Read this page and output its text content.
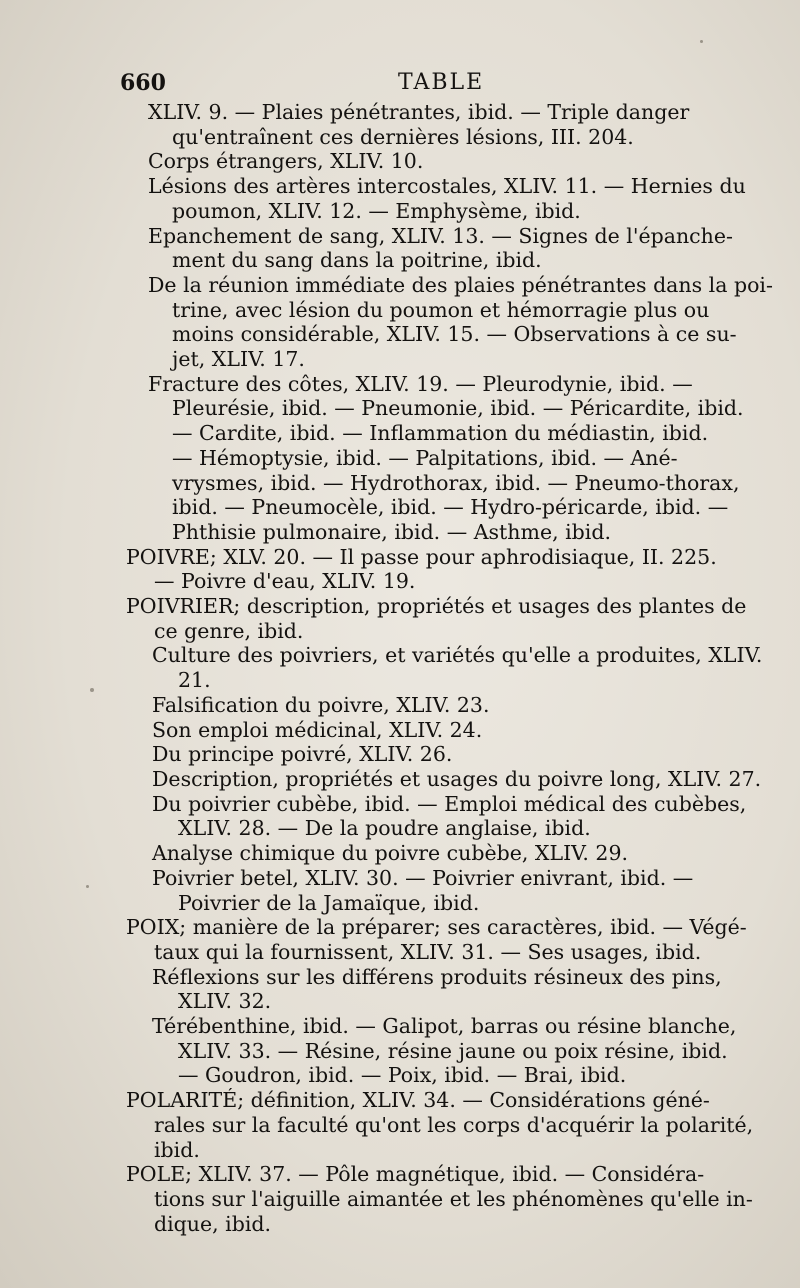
660	TABLE
XLIV. 9. — Plaies pénétrantes, ibid. — Triple danger
qu'entraînent ces dernières lésions, III. 204.
Corps étrangers, XLIV. 10.
Lésions des artères intercostales, XLIV. 11. — Hernies du
poumon, XLIV. 12. — Emphysème, ibid.
Epanchement de sang, XLIV. 13. — Signes de l'épanche-
ment du sang dans la poitrine, ibid.
De la réunion immédiate des plaies pénétrantes dans la poi-
trine, avec lésion du poumon et hémorragie plus ou
moins considérable, XLIV. 15. — Observations à ce su-
jet, XLIV. 17.
Fracture des côtes, XLIV. 19. — Pleurodynie, ibid. —
Pleurésie, ibid. — Pneumonie, ibid. — Péricardite, ibid.
— Cardite, ibid. — Inflammation du médiastin, ibid.
— Hémoptysie, ibid. — Palpitations, ibid. — Ané-
vrysmes, ibid. — Hydrothorax, ibid. — Pneumo-thorax,
ibid. — Pneumocèle, ibid. — Hydro-péricarde, ibid. —
Phthisie pulmonaire, ibid. — Asthme, ibid.
POIVRE; XLV. 20. — Il passe pour aphrodisiaque, II. 225.
— Poivre d'eau, XLIV. 19.
POIVRIER; description, propriétés et usages des plantes de
ce genre, ibid.
Culture des poivriers, et variétés qu'elle a produites, XLIV.
21.
Falsification du poivre, XLIV. 23.
Son emploi médicinal, XLIV. 24.
Du principe poivré, XLIV. 26.
Description, propriétés et usages du poivre long, XLIV. 27.
Du poivrier cubèbe, ibid. — Emploi médical des cubèbes,
XLIV. 28. — De la poudre anglaise, ibid.
Analyse chimique du poivre cubèbe, XLIV. 29.
Poivrier betel, XLIV. 30. — Poivrier enivrant, ibid. —
Poivrier de la Jamaïque, ibid.
POIX; manière de la préparer; ses caractères, ibid. — Végé-
taux qui la fournissent, XLIV. 31. — Ses usages, ibid.
Réflexions sur les différens produits résineux des pins,
XLIV. 32.
Térébenthine, ibid. — Galipot, barras ou résine blanche,
XLIV. 33. — Résine, résine jaune ou poix résine, ibid.
— Goudron, ibid. — Poix, ibid. — Brai, ibid.
POLARITÉ; définition, XLIV. 34. — Considérations géné-
rales sur la faculté qu'ont les corps d'acquérir la polarité,
ibid.
POLE; XLIV. 37. — Pôle magnétique, ibid. — Considéra-
tions sur l'aiguille aimantée et les phénomènes qu'elle in-
dique, ibid.
